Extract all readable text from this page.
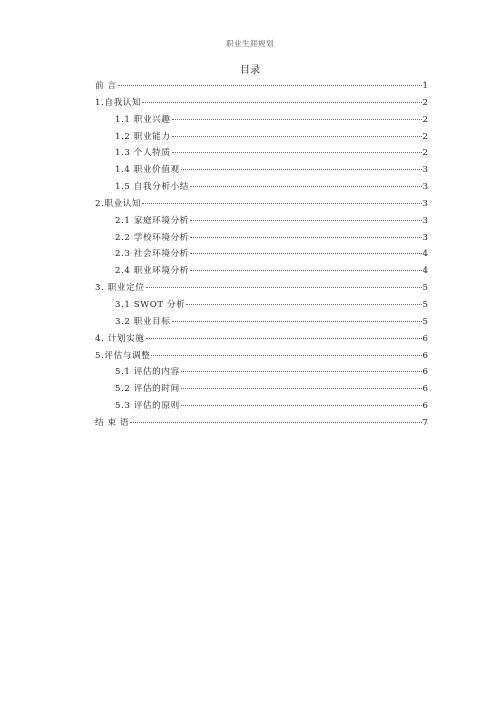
职业生涯规划
目录
前 言	1
1.自我认知	2
1.1 职业兴趣	2
1.2 职业能力	2
1.3 个人特质	2
1.4 职业价值观	3
1.5 自我分析小结	3
2.职业认知	3
2.1 家庭环境分析	3
2.2 学校环境分析	3
2.3 社会环境分析	4
2.4 职业环境分析	4
3. 职业定位	5
3.1 SWOT 分析	5
3.2 职业目标	5
4. 计划实施	6
5.评估与调整	6
5.1 评估的内容	6
5.2 评估的时间	6
5.3 评估的原则	6
结 束 语	7
